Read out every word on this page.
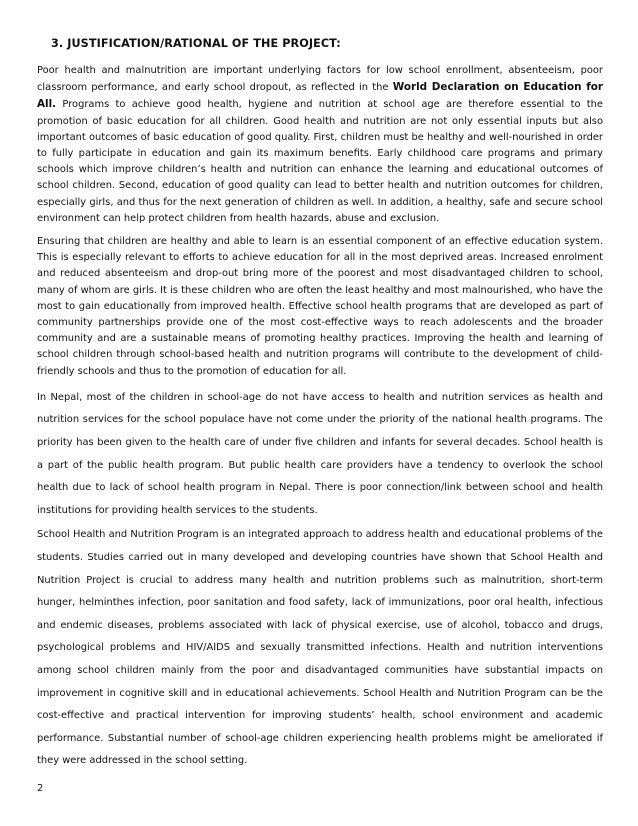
3. JUSTIFICATION/RATIONAL OF THE PROJECT:

Poor health and malnutrition are important underlying factors for low school enrollment, absenteeism, poor classroom performance, and early school dropout, as reflected in the World Declaration on Education for All. Programs to achieve good health, hygiene and nutrition at school age are therefore essential to the promotion of basic education for all children. Good health and nutrition are not only essential inputs but also important outcomes of basic education of good quality. First, children must be healthy and well-nourished in order to fully participate in education and gain its maximum benefits. Early childhood care programs and primary schools which improve children’s health and nutrition can enhance the learning and educational outcomes of school children. Second, education of good quality can lead to better health and nutrition outcomes for children, especially girls, and thus for the next generation of children as well. In addition, a healthy, safe and secure school environment can help protect children from health hazards, abuse and exclusion.

Ensuring that children are healthy and able to learn is an essential component of an effective education system. This is especially relevant to efforts to achieve education for all in the most deprived areas. Increased enrolment and reduced absenteeism and drop-out bring more of the poorest and most disadvantaged children to school, many of whom are girls. It is these children who are often the least healthy and most malnourished, who have the most to gain educationally from improved health. Effective school health programs that are developed as part of community partnerships provide one of the most cost-effective ways to reach adolescents and the broader community and are a sustainable means of promoting healthy practices. Improving the health and learning of school children through school-based health and nutrition programs will contribute to the development of child-friendly schools and thus to the promotion of education for all.

In Nepal, most of the children in school-age do not have access to health and nutrition services as health and nutrition services for the school populace have not come under the priority of the national health programs. The priority has been given to the health care of under five children and infants for several decades. School health is a part of the public health program. But public health care providers have a tendency to overlook the school health due to lack of school health program in Nepal. There is poor connection/link between school and health institutions for providing health services to the students.

School Health and Nutrition Program is an integrated approach to address health and educational problems of the students. Studies carried out in many developed and developing countries have shown that School Health and Nutrition Project is crucial to address many health and nutrition problems such as malnutrition, short-term hunger, helminthes infection, poor sanitation and food safety, lack of immunizations, poor oral health, infectious and endemic diseases, problems associated with lack of physical exercise, use of alcohol, tobacco and drugs, psychological problems and HIV/AIDS and sexually transmitted infections. Health and nutrition interventions among school children mainly from the poor and disadvantaged communities have substantial impacts on improvement in cognitive skill and in educational achievements. School Health and Nutrition Program can be the cost-effective and practical intervention for improving students’ health, school environment and academic performance. Substantial number of school-age children experiencing health problems might be ameliorated if they were addressed in the school setting.

2
